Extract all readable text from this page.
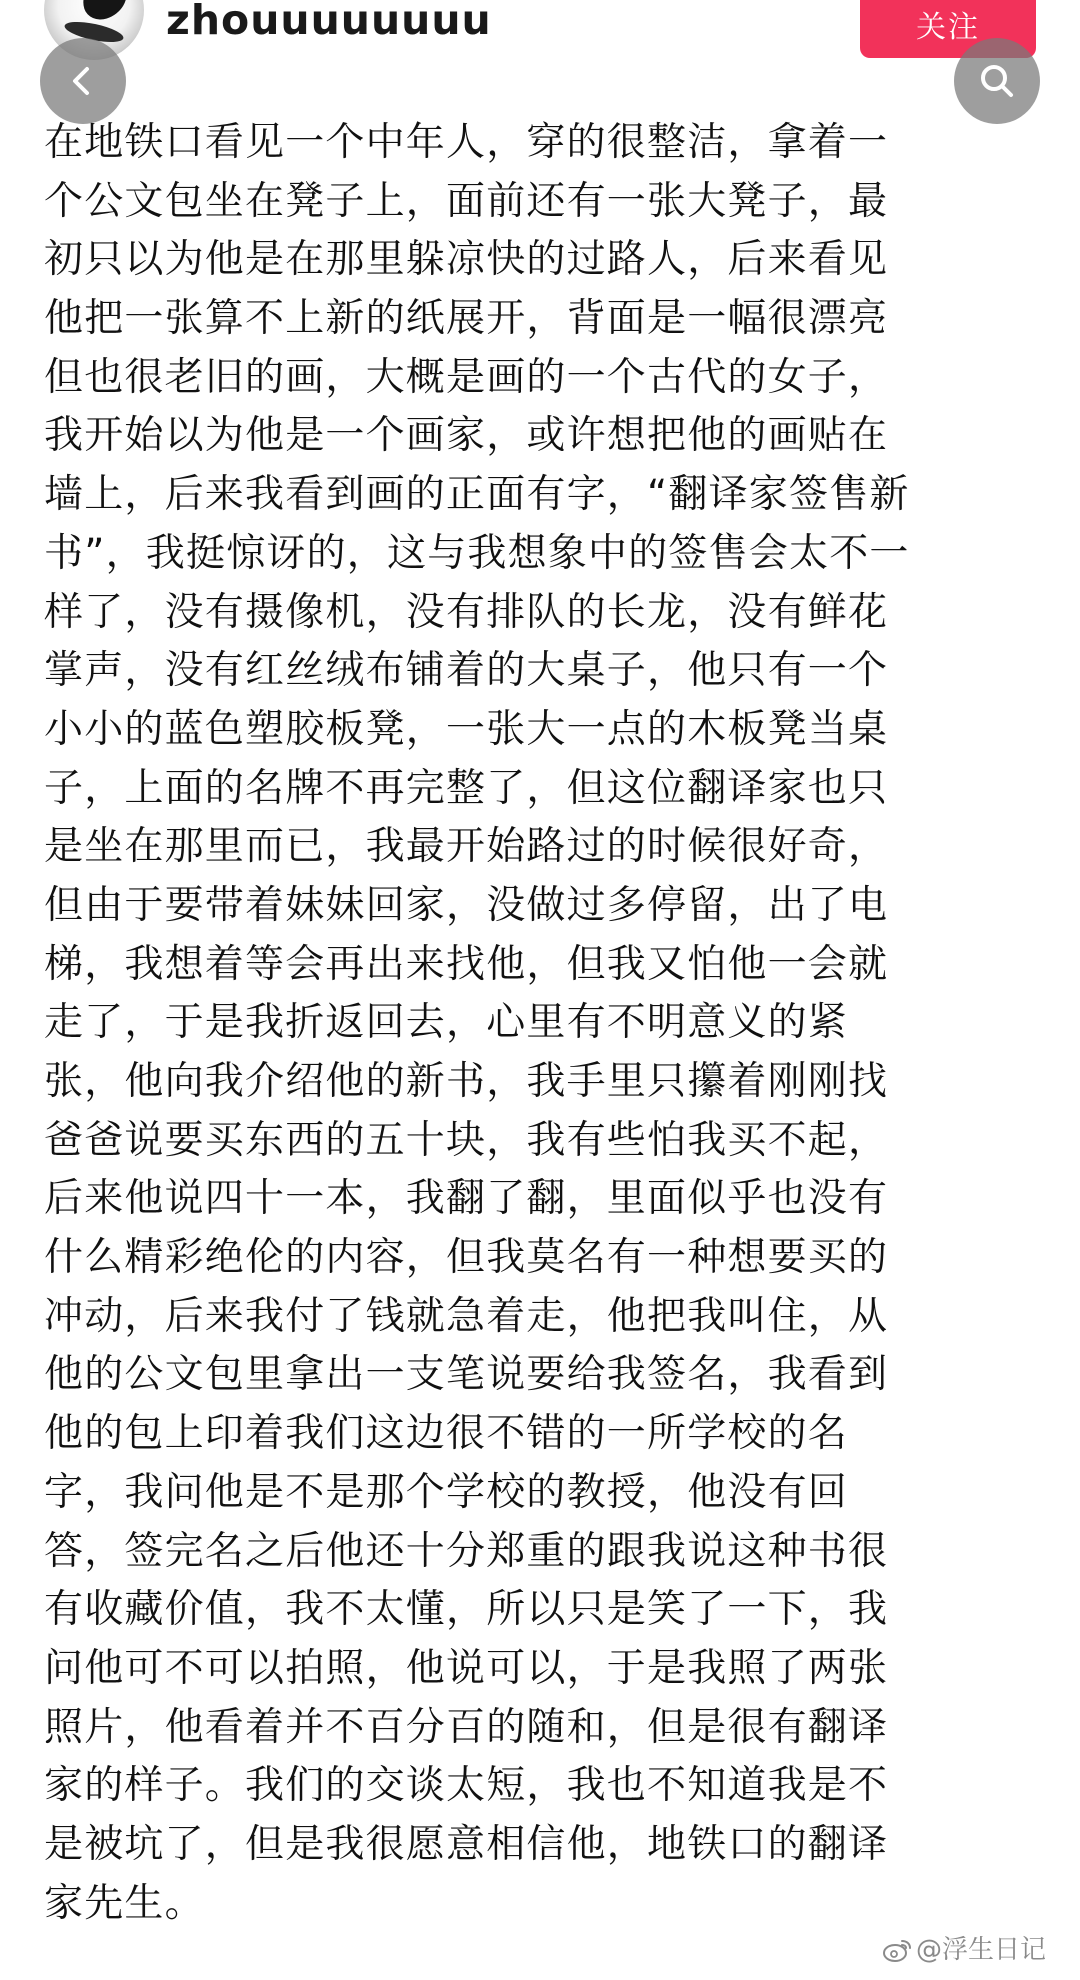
zhouuuuuuuu	关注
在地铁口看见一个中年人，穿的很整洁，拿着一
个公文包坐在凳子上，面前还有一张大凳子，最
初只以为他是在那里躲凉快的过路人，后来看见
他把一张算不上新的纸展开，背面是一幅很漂亮
但也很老旧的画，大概是画的一个古代的女子，
我开始以为他是一个画家，或许想把他的画贴在
墙上，后来我看到画的正面有字，“翻译家签售新
书”，我挺惊讶的，这与我想象中的签售会太不一
样了，没有摄像机，没有排队的长龙，没有鲜花
掌声，没有红丝绒布铺着的大桌子，他只有一个
小小的蓝色塑胶板凳，一张大一点的木板凳当桌
子，上面的名牌不再完整了，但这位翻译家也只
是坐在那里而已，我最开始路过的时候很好奇，
但由于要带着妹妹回家，没做过多停留，出了电
梯，我想着等会再出来找他，但我又怕他一会就
走了，于是我折返回去，心里有不明意义的紧
张，他向我介绍他的新书，我手里只攥着刚刚找
爸爸说要买东西的五十块，我有些怕我买不起，
后来他说四十一本，我翻了翻，里面似乎也没有
什么精彩绝伦的内容，但我莫名有一种想要买的
冲动，后来我付了钱就急着走，他把我叫住，从
他的公文包里拿出一支笔说要给我签名，我看到
他的包上印着我们这边很不错的一所学校的名
字，我问他是不是那个学校的教授，他没有回
答，签完名之后他还十分郑重的跟我说这种书很
有收藏价值，我不太懂，所以只是笑了一下，我
问他可不可以拍照，他说可以，于是我照了两张
照片，他看着并不百分百的随和，但是很有翻译
家的样子。我们的交谈太短，我也不知道我是不
是被坑了，但是我很愿意相信他，地铁口的翻译
家先生。
@浮生日记
